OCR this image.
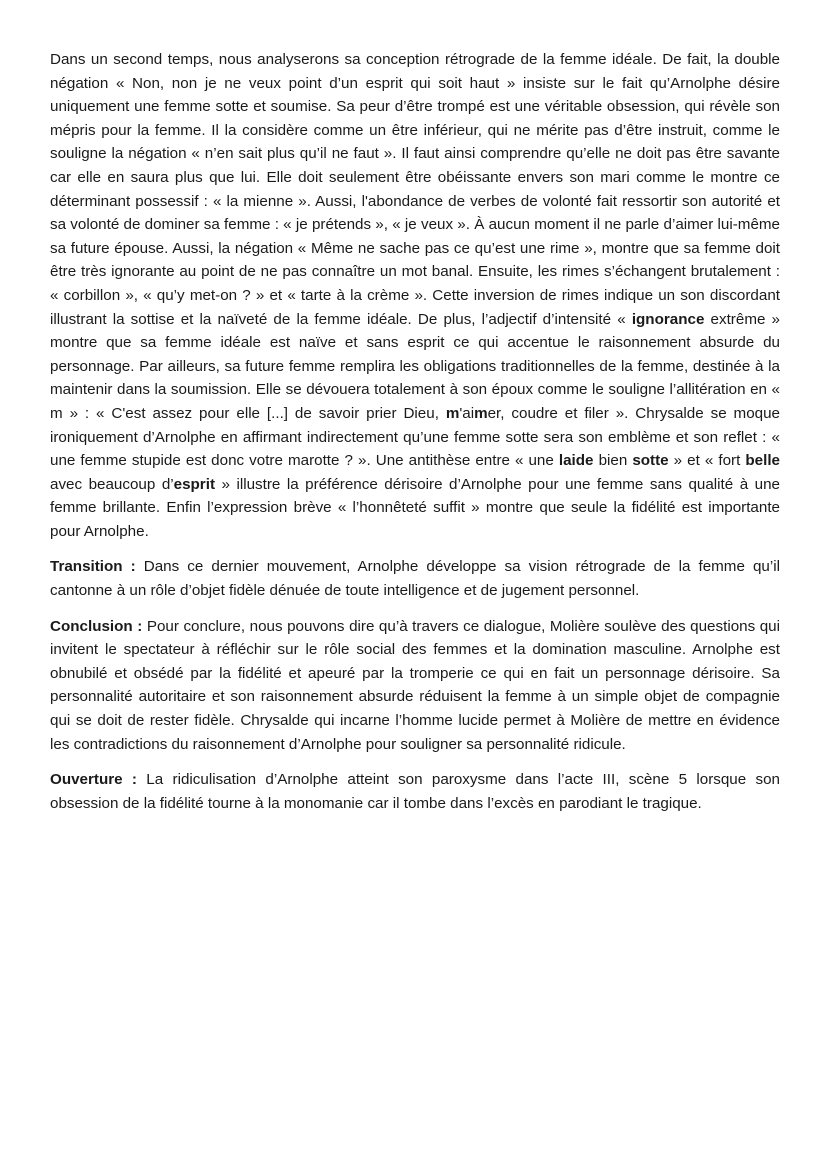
Dans un second temps, nous analyserons sa conception rétrograde de la femme idéale. De fait, la double négation « Non, non je ne veux point d’un esprit qui soit haut » insiste sur le fait qu’Arnolphe désire uniquement une femme sotte et soumise. Sa peur d’être trompé est une véritable obsession, qui révèle son mépris pour la femme. Il la considère comme un être inférieur, qui ne mérite pas d’être instruit, comme le souligne la négation « n’en sait plus qu’il ne faut ». Il faut ainsi comprendre qu’elle ne doit pas être savante car elle en saura plus que lui. Elle doit seulement être obéissante envers son mari comme le montre ce déterminant possessif : « la mienne ». Aussi, l'abondance de verbes de volonté fait ressortir son autorité et sa volonté de dominer sa femme : « je prétends », « je veux ». À aucun moment il ne parle d’aimer lui-même sa future épouse. Aussi, la négation « Même ne sache pas ce qu’est une rime », montre que sa femme doit être très ignorante au point de ne pas connaître un mot banal. Ensuite, les rimes s’échangent brutalement : « corbillon », « qu’y met-on ? » et « tarte à la crème ». Cette inversion de rimes indique un son discordant illustrant la sottise et la naïveté de la femme idéale. De plus, l’adjectif d’intensité « ignorance extrême » montre que sa femme idéale est naïve et sans esprit ce qui accentue le raisonnement absurde du personnage. Par ailleurs, sa future femme remplira les obligations traditionnelles de la femme, destinée à la maintenir dans la soumission. Elle se dévouera totalement à son époux comme le souligne l’allitération en « m » : « C'est assez pour elle [...] de savoir prier Dieu, m'aimer, coudre et filer ». Chrysalde se moque ironiquement d’Arnolphe en affirmant indirectement qu’une femme sotte sera son emblème et son reflet : « une femme stupide est donc votre marotte ? ». Une antithèse entre « une laide bien sotte » et « fort belle avec beaucoup d’esprit » illustre la préférence dérisoire d’Arnolphe pour une femme sans qualité à une femme brillante. Enfin l’expression brève « l’honnêteté suffit » montre que seule la fidélité est importante pour Arnolphe.

Transition : Dans ce dernier mouvement, Arnolphe développe sa vision rétrograde de la femme qu’il cantonne à un rôle d’objet fidèle dénuée de toute intelligence et de jugement personnel.

Conclusion : Pour conclure, nous pouvons dire qu’à travers ce dialogue, Molière soulève des questions qui invitent le spectateur à réfléchir sur le rôle social des femmes et la domination masculine. Arnolphe est obnubilé et obsédé par la fidélité et apeuré par la tromperie ce qui en fait un personnage dérisoire. Sa personnalité autoritaire et son raisonnement absurde réduisent la femme à un simple objet de compagnie qui se doit de rester fidèle. Chrysalde qui incarne l’homme lucide permet à Molière de mettre en évidence les contradictions du raisonnement d’Arnolphe pour souligner sa personnalité ridicule.

Ouverture : La ridiculisation d’Arnolphe atteint son paroxysme dans l’acte III, scène 5 lorsque son obsession de la fidélité tourne à la monomanie car il tombe dans l’excès en parodiant le tragique.
